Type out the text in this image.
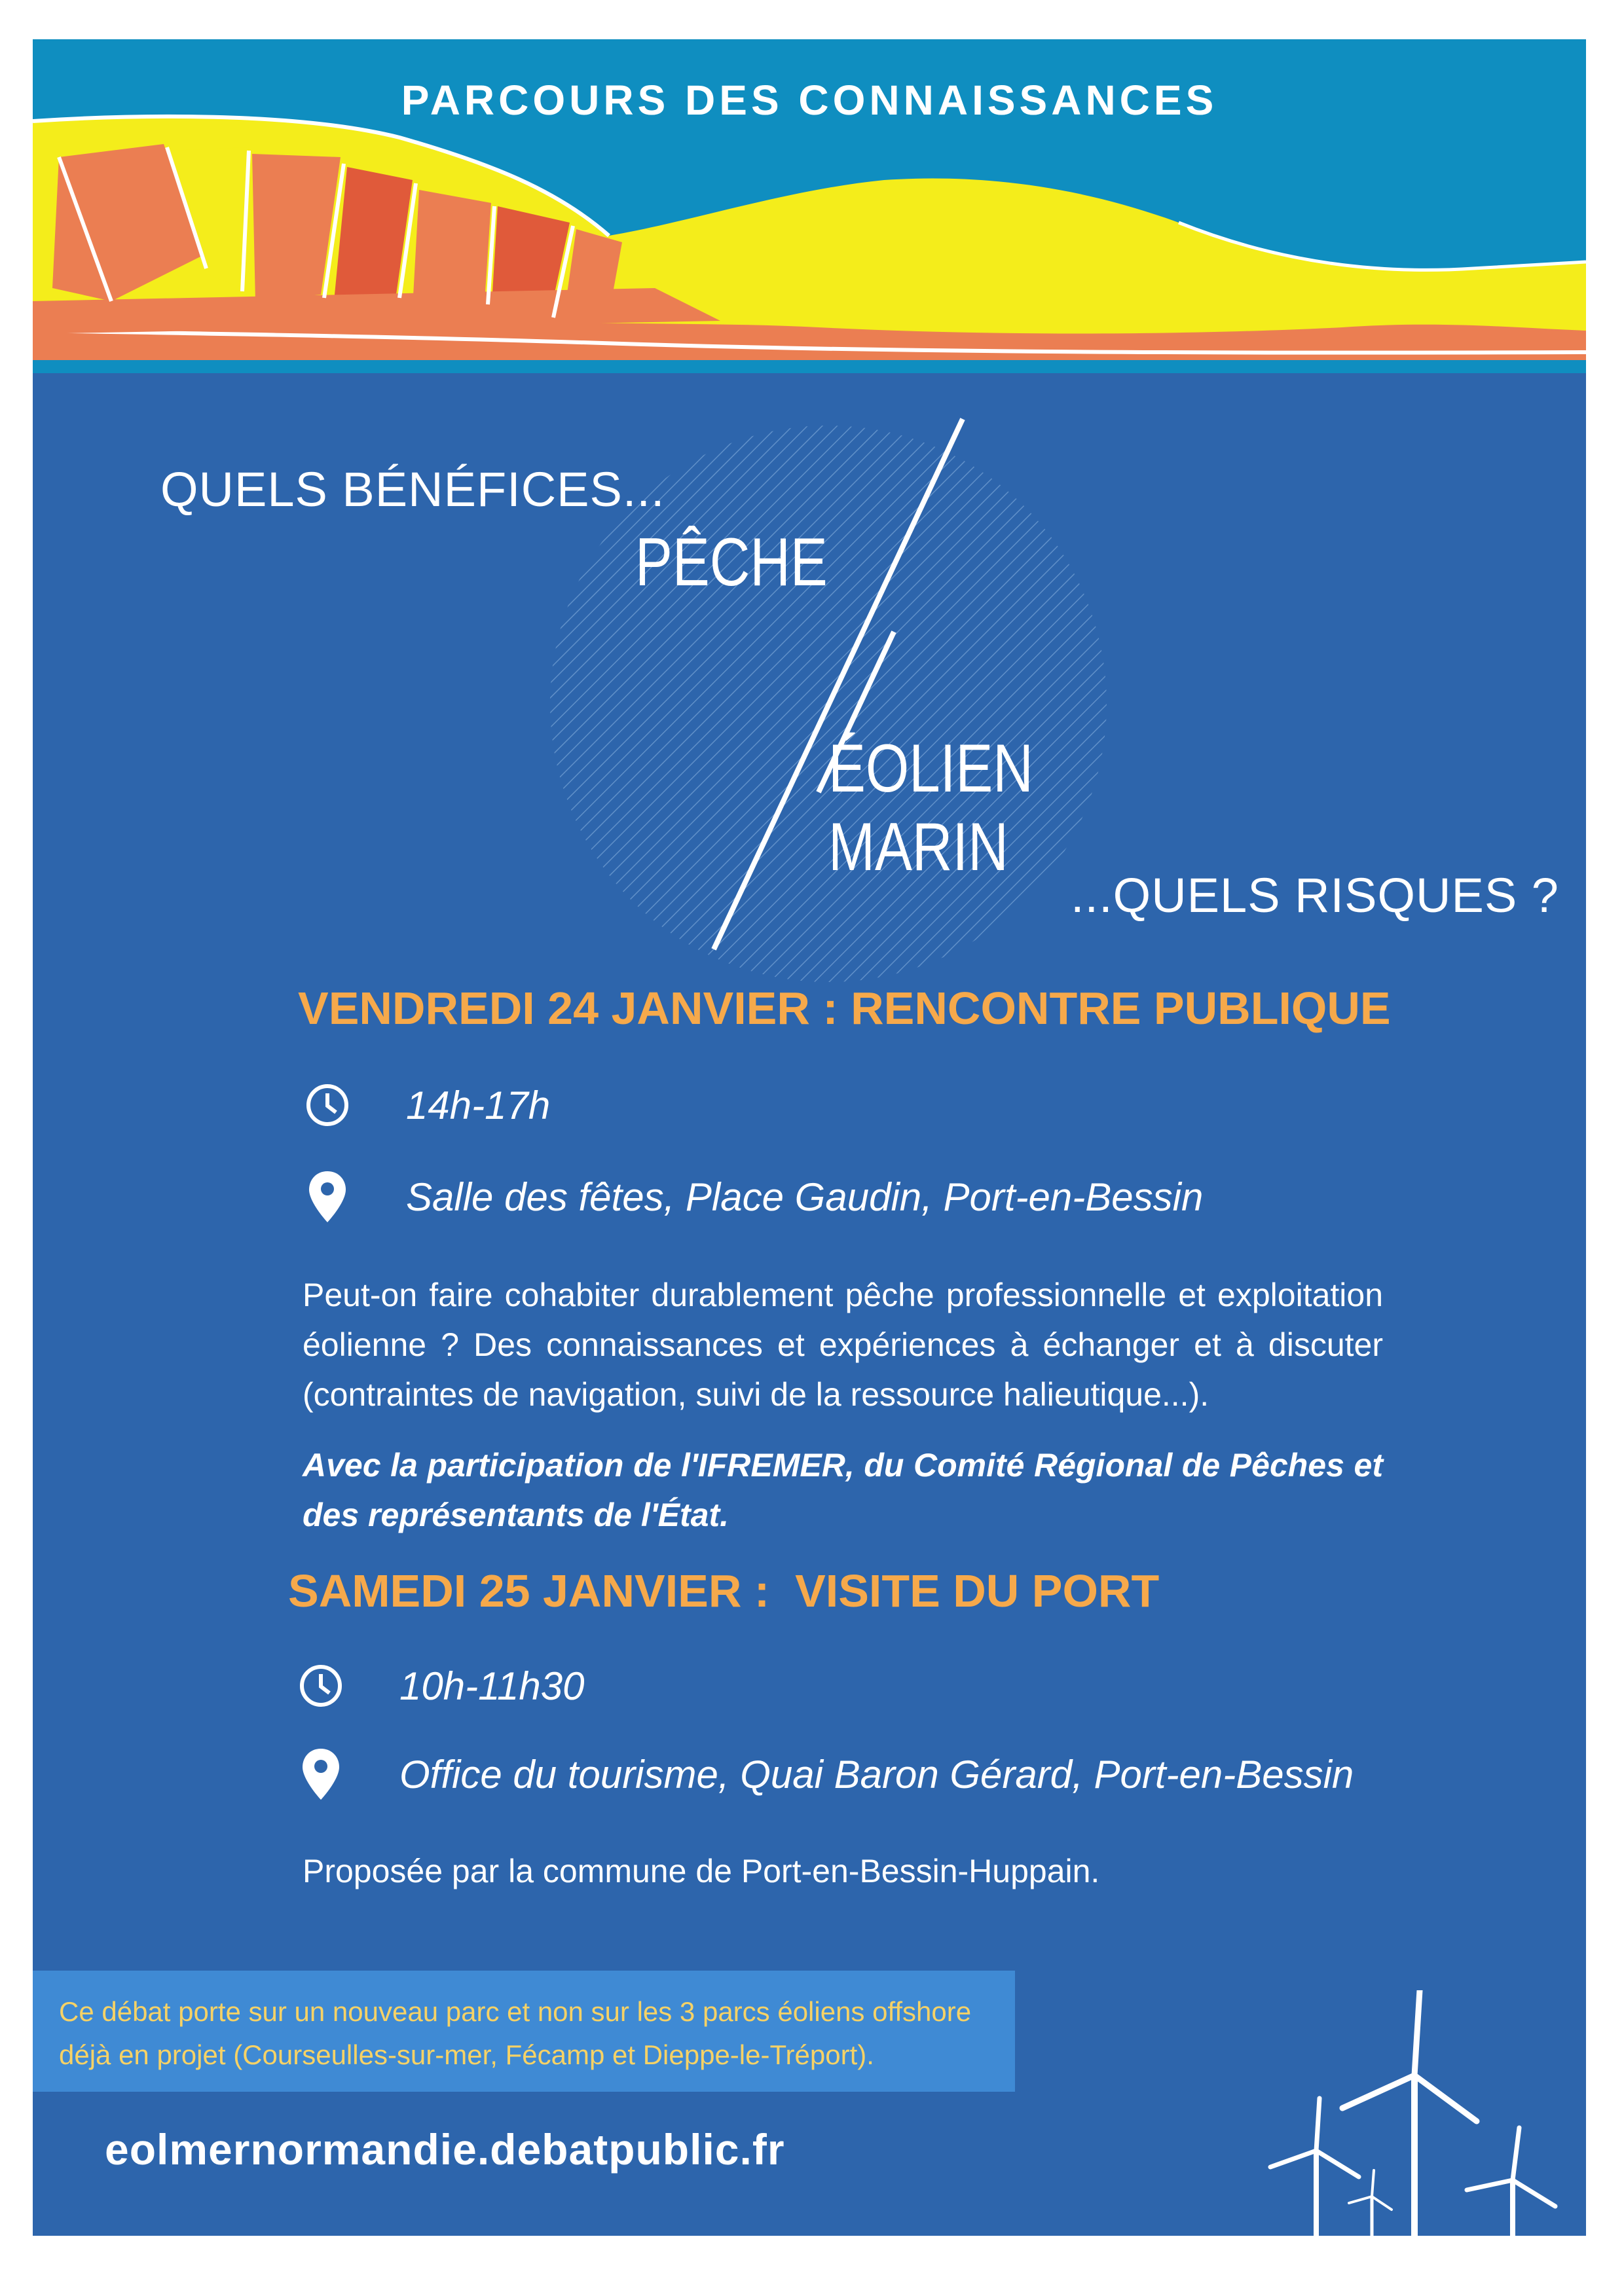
PARCOURS DES CONNAISSANCES
QUELS BÉNÉFICES...
PÊCHE
ÉOLIEN
MARIN
...QUELS RISQUES ?
VENDREDI 24 JANVIER : RENCONTRE PUBLIQUE
14h-17h
Salle des fêtes, Place Gaudin, Port-en-Bessin
Peut-on faire cohabiter durablement pêche professionnelle et exploitation éolienne ? Des connaissances et expériences à échanger et à discuter (contraintes de navigation, suivi de la ressource halieutique...).
Avec la participation de l'IFREMER, du Comité Régional de Pêches et des représentants de l'État.
SAMEDI 25 JANVIER :  VISITE DU PORT
10h-11h30
Office du tourisme, Quai Baron Gérard, Port-en-Bessin
Proposée par la commune de Port-en-Bessin-Huppain.
Ce débat porte sur un nouveau parc et non sur les 3 parcs éoliens offshore déjà en projet (Courseulles-sur-mer, Fécamp et Dieppe-le-Tréport).
eolmernormandie.debatpublic.fr
